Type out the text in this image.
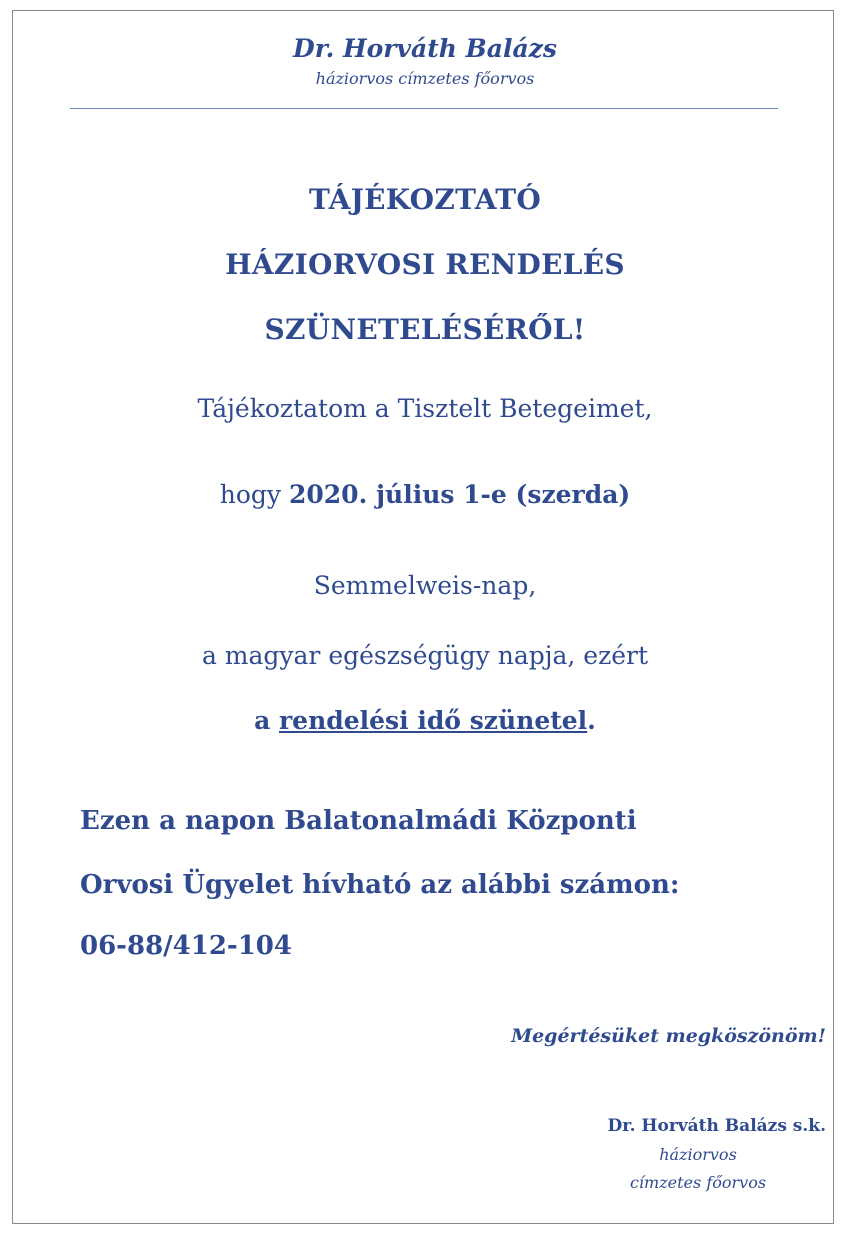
Dr. Horváth Balázs
háziorvos címzetes főorvos
TÁJÉKOZTATÓ
HÁZIORVOSI RENDELÉS
SZÜNETELÉSÉRŐL!
Tájékoztatom a Tisztelt Betegeimet,
hogy 2020. július 1-e (szerda)
Semmelweis-nap,
a magyar egészségügy napja, ezért
a rendelési idő szünetel.
Ezen a napon Balatonalmádi Központi
Orvosi Ügyelet hívható az alábbi számon:
06-88/412-104
Megértésüket megköszönöm!
Dr. Horváth Balázs s.k.
háziorvos
címzetes főorvos
